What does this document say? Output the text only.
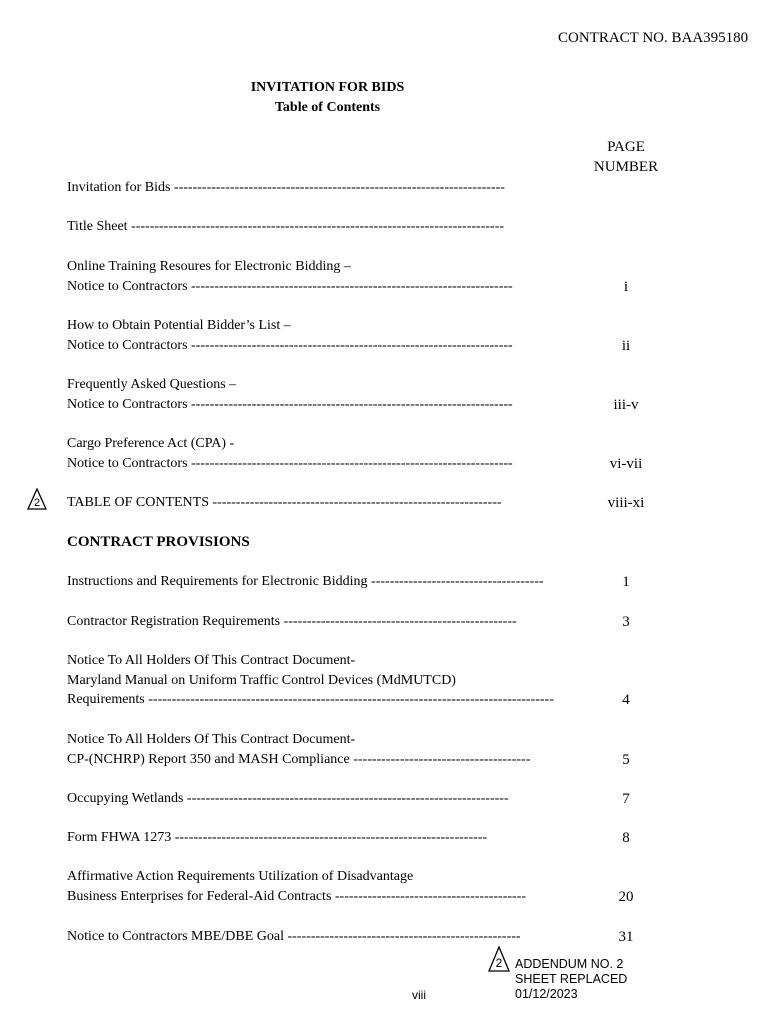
CONTRACT NO. BAA395180
INVITATION FOR BIDS
Table of Contents
PAGE
NUMBER
Invitation for Bids -----------------------------------------------------------------------
Title Sheet --------------------------------------------------------------------------------
Online Training Resoures for Electronic Bidding –
Notice to Contractors ---------------------------------------------------------------------	i
How to Obtain Potential Bidder’s List –
Notice to Contractors ---------------------------------------------------------------------	ii
Frequently Asked Questions –
Notice to Contractors ---------------------------------------------------------------------	iii-v
Cargo Preference Act (CPA) -
Notice to Contractors ---------------------------------------------------------------------	vi-vii
2 TABLE OF CONTENTS --------------------------------------------------------------	viii-xi
CONTRACT PROVISIONS
Instructions and Requirements for Electronic Bidding -------------------------------------	1
Contractor Registration Requirements --------------------------------------------------	3
Notice To All Holders Of This Contract Document-
Maryland Manual on Uniform Traffic Control Devices (MdMUTCD)
Requirements ---------------------------------------------------------------------------------------	4
Notice To All Holders Of This Contract Document-
CP-(NCHRP) Report 350 and MASH Compliance --------------------------------------	5
Occupying Wetlands ---------------------------------------------------------------------	7
Form FHWA 1273 -------------------------------------------------------------------	8
Affirmative Action Requirements Utilization of Disadvantage
Business Enterprises for Federal-Aid Contracts -----------------------------------------	20
Notice to Contractors MBE/DBE Goal --------------------------------------------------	31
2 ADDENDUM NO. 2
SHEET REPLACED
01/12/2023
viii
